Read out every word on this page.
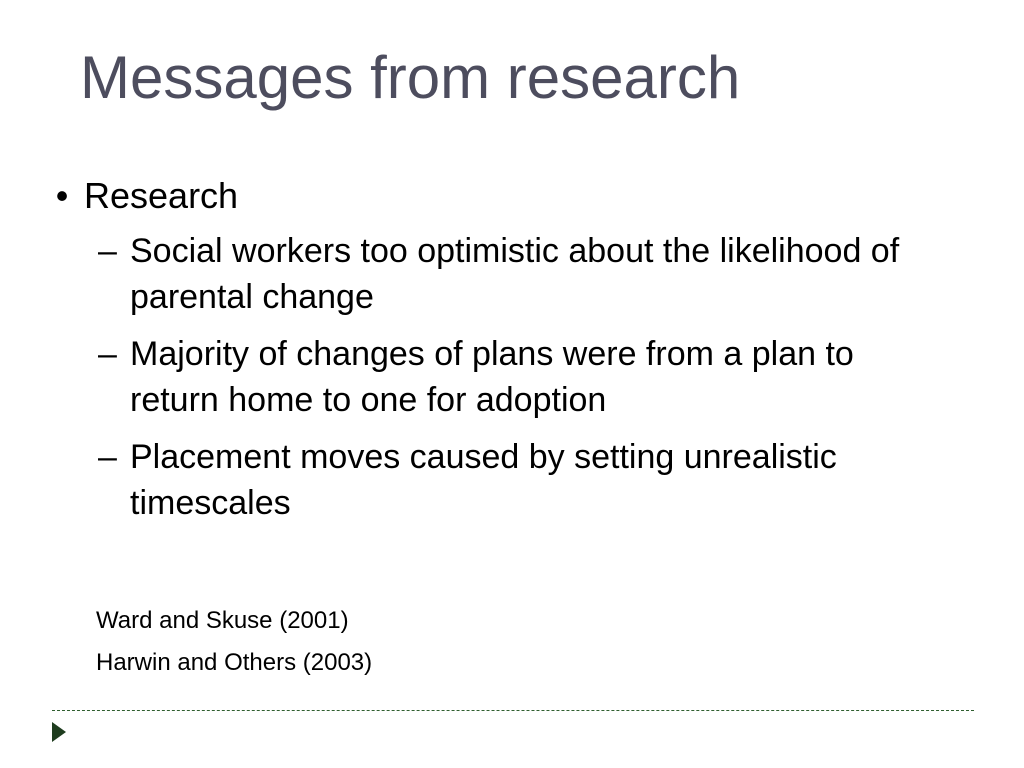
Messages from research
• Research
– Social workers too optimistic about the likelihood of parental change
– Majority of changes of plans were from a plan to return home to one for adoption
– Placement moves caused by setting unrealistic timescales
Ward and Skuse (2001)
Harwin and Others (2003)
